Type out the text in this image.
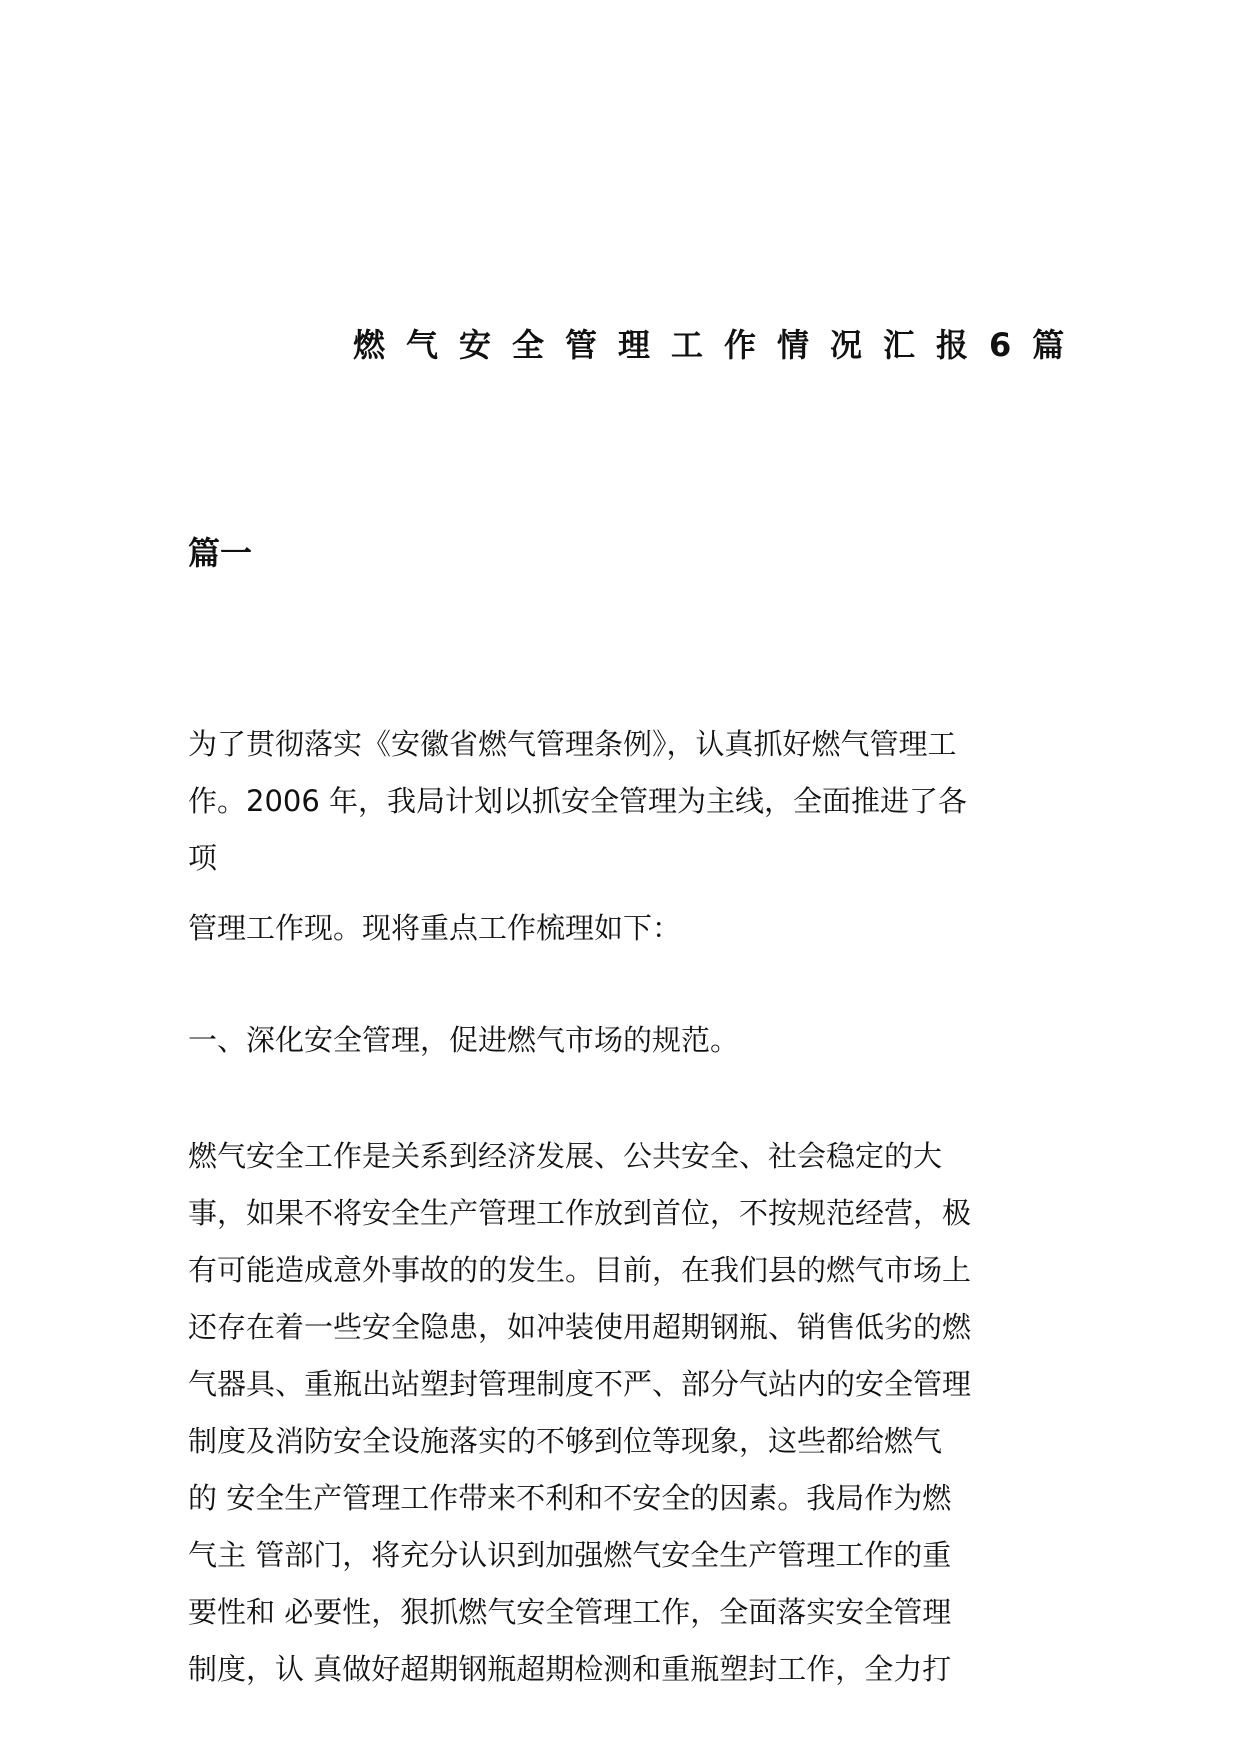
燃气安全管理工作情况汇报6篇
篇一
为了贯彻落实《安徽省燃气管理条例》，认真抓好燃气管理工
作。2006 年，我局计划以抓安全管理为主线，全面推进了各
项
管理工作现。现将重点工作梳理如下：
一、深化安全管理，促进燃气市场的规范。
燃气安全工作是关系到经济发展、公共安全、社会稳定的大
事，如果不将安全生产管理工作放到首位，不按规范经营，极
有可能造成意外事故的的发生。目前，在我们县的燃气市场上
还存在着一些安全隐患，如冲装使用超期钢瓶、销售低劣的燃
气器具、重瓶出站塑封管理制度不严、部分气站内的安全管理
制度及消防安全设施落实的不够到位等现象，这些都给燃气
的 安全生产管理工作带来不利和不安全的因素。我局作为燃
气主 管部门，将充分认识到加强燃气安全生产管理工作的重
要性和 必要性，狠抓燃气安全管理工作，全面落实安全管理
制度，认 真做好超期钢瓶超期检测和重瓶塑封工作，全力打
